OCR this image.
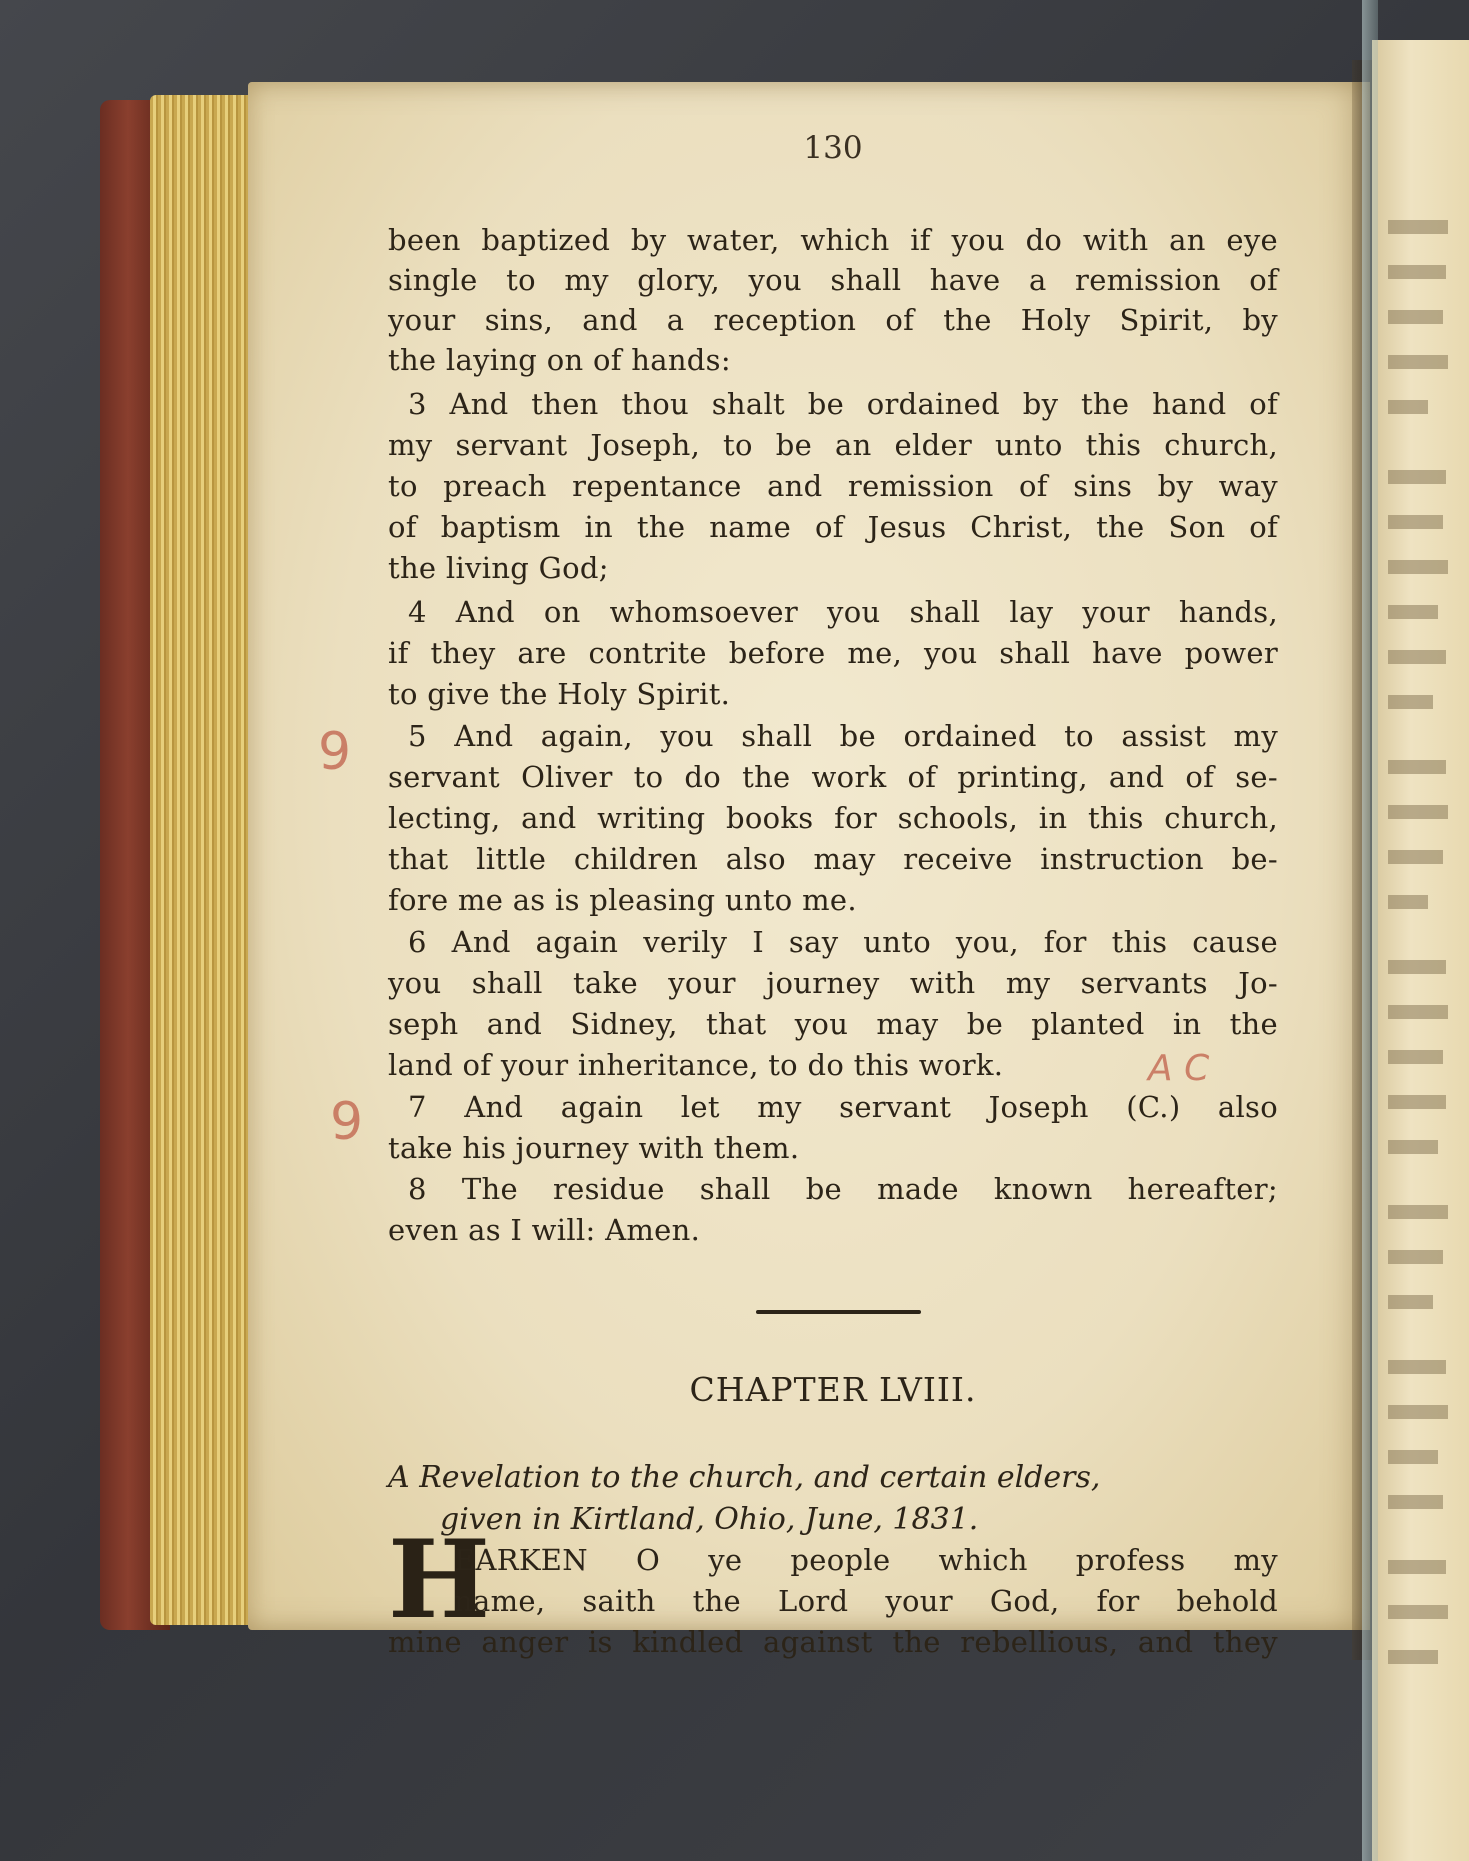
130
been baptized by water, which if you do with an eye
single to my glory, you shall have a remission of
your sins, and a reception of the Holy Spirit, by
the laying on of hands:
3 And then thou shalt be ordained by the hand of
my servant Joseph, to be an elder unto this church,
to preach repentance and remission of sins by way
of baptism in the name of Jesus Christ, the Son of
the living God;
4 And on whomsoever you shall lay your hands,
if they are contrite before me, you shall have power
to give the Holy Spirit.
5 And again, you shall be ordained to assist my
servant Oliver to do the work of printing, and of se-
lecting, and writing books for schools, in this church,
that little children also may receive instruction be-
fore me as is pleasing unto me.
6 And again verily I say unto you, for this cause
you shall take your journey with my servants Jo-
seph and Sidney, that you may be planted in the
land of your inheritance, to do this work.
7 And again let my servant Joseph (C.) also
take his journey with them.
8 The residue shall be made known hereafter;
even as I will: Amen.
CHAPTER LVIII.
A Revelation to the church, and certain elders,
given in Kirtland, Ohio, June, 1831.
H
EARKEN O ye people which profess my
name, saith the Lord your God, for behold
mine anger is kindled against the rebellious, and they
9
9
A C
